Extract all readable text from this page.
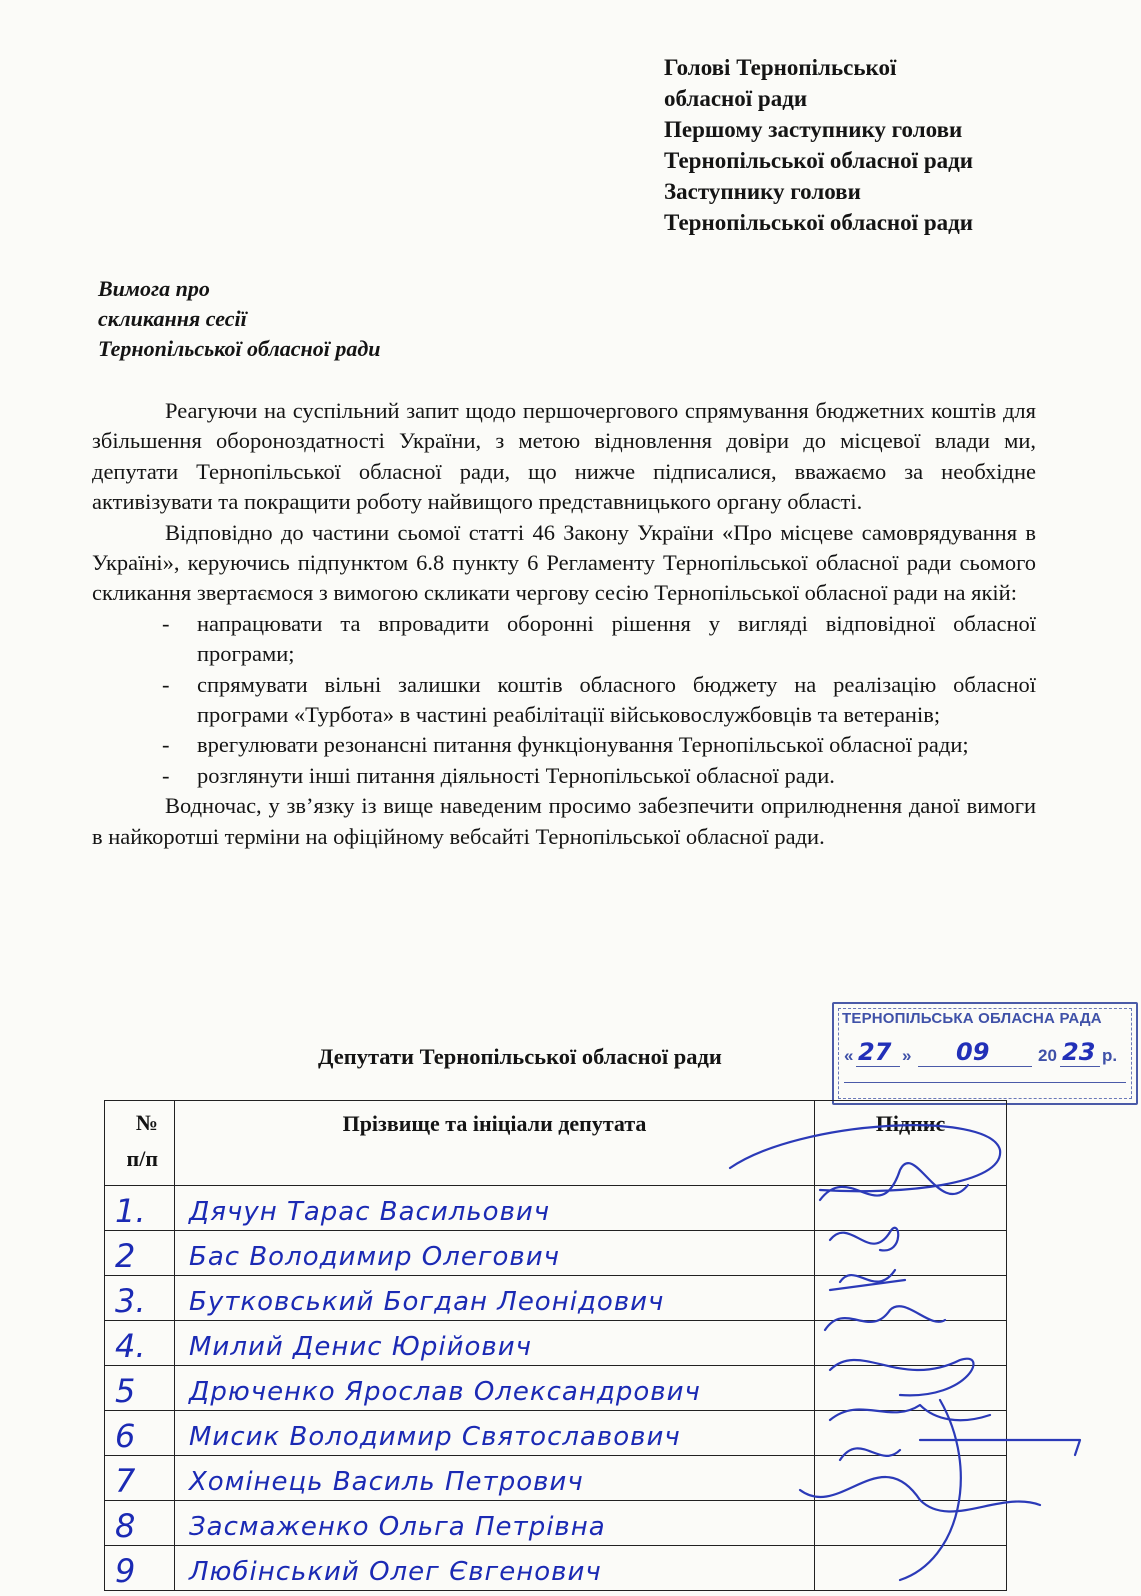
Голові Тернопільської
обласної ради
Першому заступнику голови
Тернопільської обласної ради
Заступнику голови
Тернопільської обласної ради
Вимога про
скликання сесії
Тернопільської обласної ради

Реагуючи на суспільний запит щодо першочергового спрямування бюджетних коштів для збільшення обороноздатності України, з метою відновлення довіри до місцевої влади ми, депутати Тернопільської обласної ради, що нижче підписалися, вважаємо за необхідне активізувати та покращити роботу найвищого представницького органу області.

Відповідно до частини сьомої статті 46 Закону України «Про місцеве самоврядування в Україні», керуючись підпунктом 6.8 пункту 6 Регламенту Тернопільської обласної ради сьомого скликання звертаємося з вимогою скликати чергову сесію Тернопільської обласної ради на якій:

- напрацювати та впровадити оборонні рішення у вигляді відповідної обласної програми;
- спрямувати вільні залишки коштів обласного бюджету на реалізацію обласної програми «Турбота» в частині реабілітації військовослужбовців та ветеранів;
- врегулювати резонансні питання функціонування Тернопільської обласної ради;
- розглянути інші питання діяльності Тернопільської обласної ради.

Водночас, у зв’язку із вище наведеним просимо забезпечити оприлюднення даної вимоги в найкоротші терміни на офіційному вебсайті Тернопільської обласної ради.

ТЕРНОПІЛЬСЬКА ОБЛАСНА РАДА
« 27 » 09	20 23 р.
Депутати Тернопільської обласної ради
№
п/п	Прізвище та ініціали депутата	Підпис
1.	Дячун Тарас Васильович	
2	Бас Володимир Олегович	
3.	Бутковський Богдан Леонідович	
4.	Милий Денис Юрійович	
5	Дрюченко Ярослав Олександрович	
6	Мисик Володимир Святославович	
7	Хомінець Василь Петрович	
8	Засмаженко Ольга Петрівна	
9	Любінський Олег Євгенович	
